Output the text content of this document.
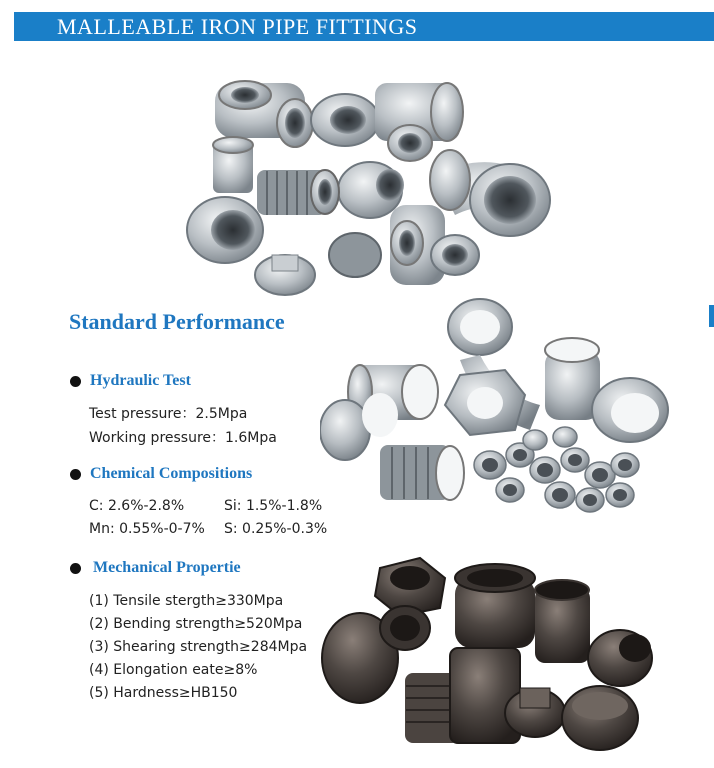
MALLEABLE IRON PIPE FITTINGS
Standard Performance
Hydraulic Test
Test pressure：2.5Mpa
Working pressure：1.6Mpa
Chemical Compositions
C: 2.6%-2.8%	Si: 1.5%-1.8%
Mn: 0.55%-0-7% S: 0.25%-0.3%
Mechanical Propertie
(1) Tensile stergth≥330Mpa
(2) Bending strength≥520Mpa
(3) Shearing strength≥284Mpa
(4) Elongation eate≥8%
(5) Hardness≥HB150
